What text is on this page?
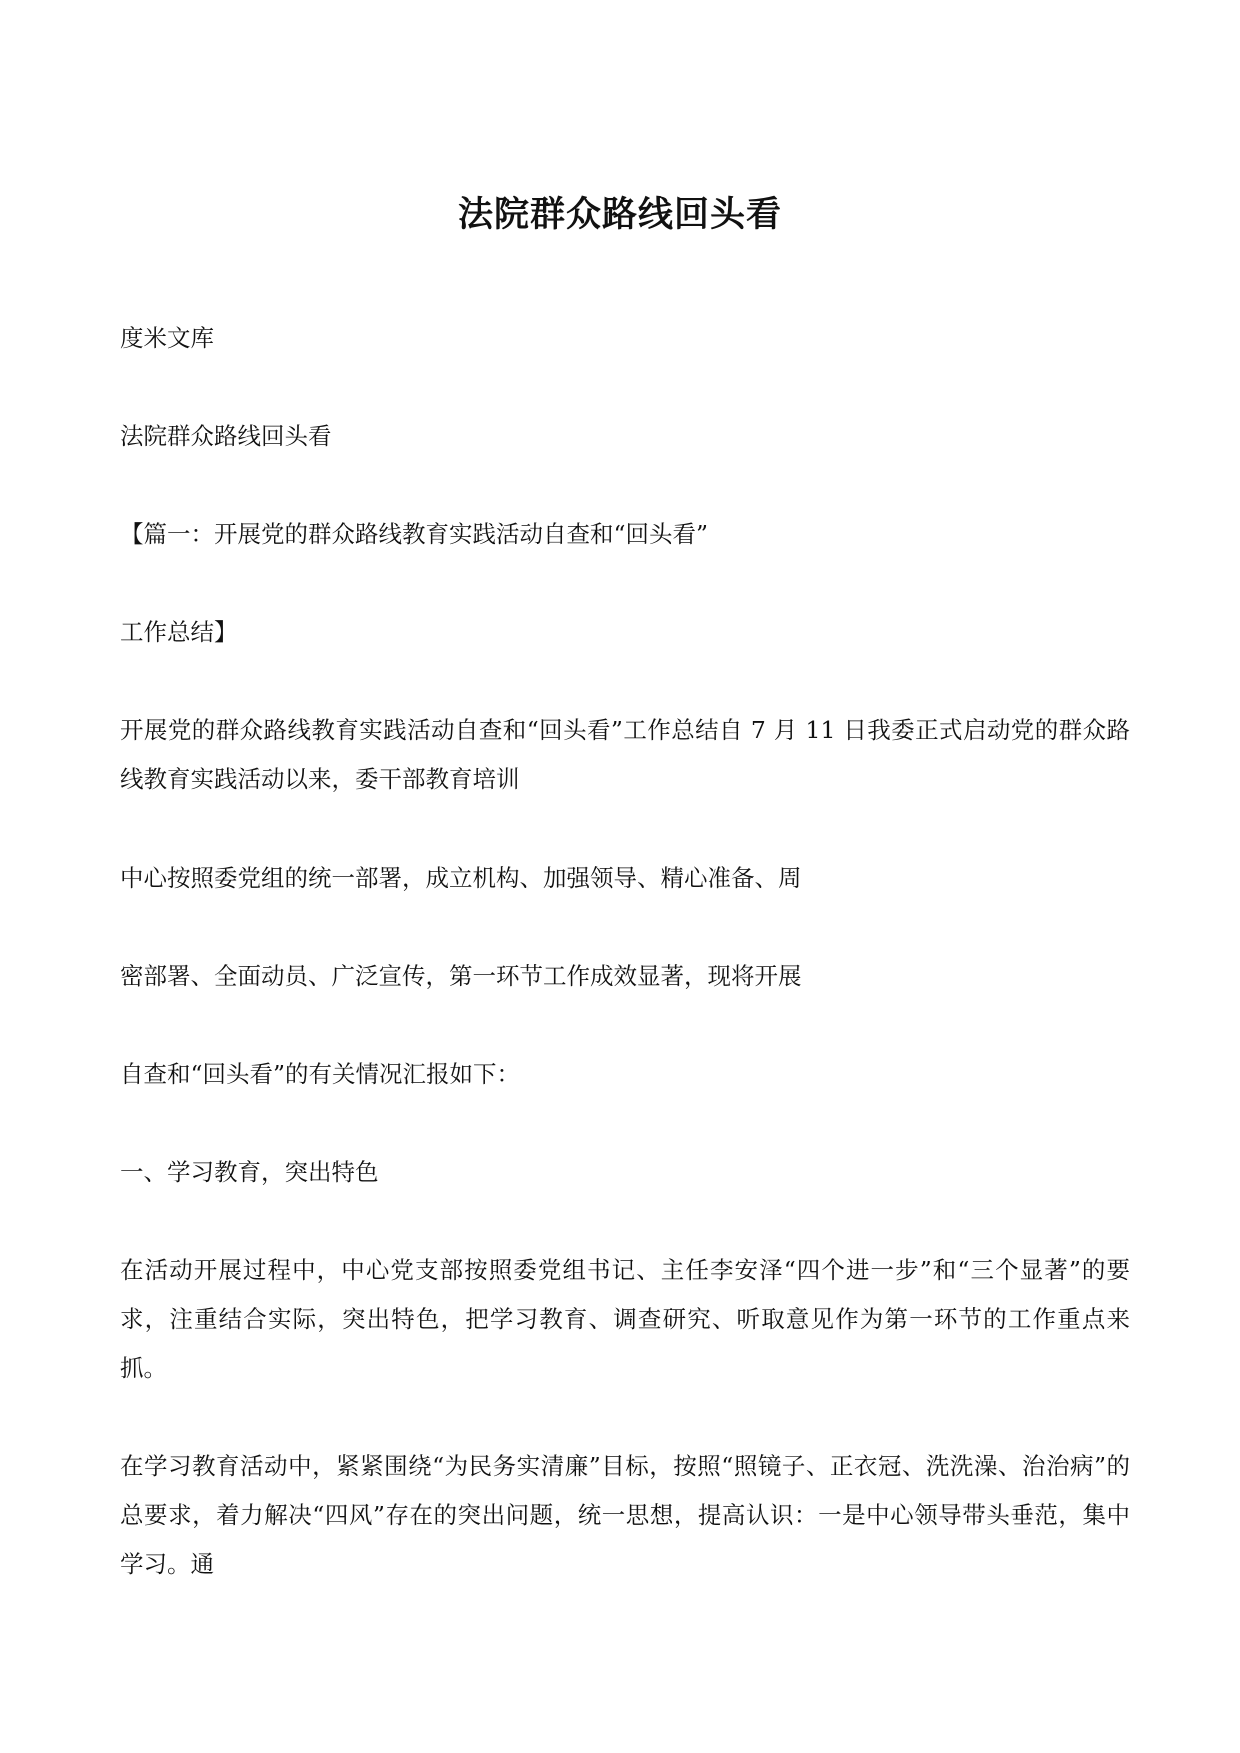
法院群众路线回头看

度米文库

法院群众路线回头看

【篇一：开展党的群众路线教育实践活动自查和“回头看”

工作总结】

开展党的群众路线教育实践活动自查和“回头看”工作总结自 7 月 11 日我委正式启动党的群众路线教育实践活动以来，委干部教育培训

中心按照委党组的统一部署，成立机构、加强领导、精心准备、周

密部署、全面动员、广泛宣传，第一环节工作成效显著，现将开展

自查和“回头看”的有关情况汇报如下：

一、学习教育，突出特色

在活动开展过程中，中心党支部按照委党组书记、主任李安泽“四个进一步”和“三个显著”的要求，注重结合实际，突出特色，把学习教育、调查研究、听取意见作为第一环节的工作重点来抓。

在学习教育活动中，紧紧围绕“为民务实清廉”目标，按照“照镜子、正衣冠、洗洗澡、治治病”的总要求，着力解决“四风”存在的突出问题，统一思想，提高认识：一是中心领导带头垂范，集中学习。通
